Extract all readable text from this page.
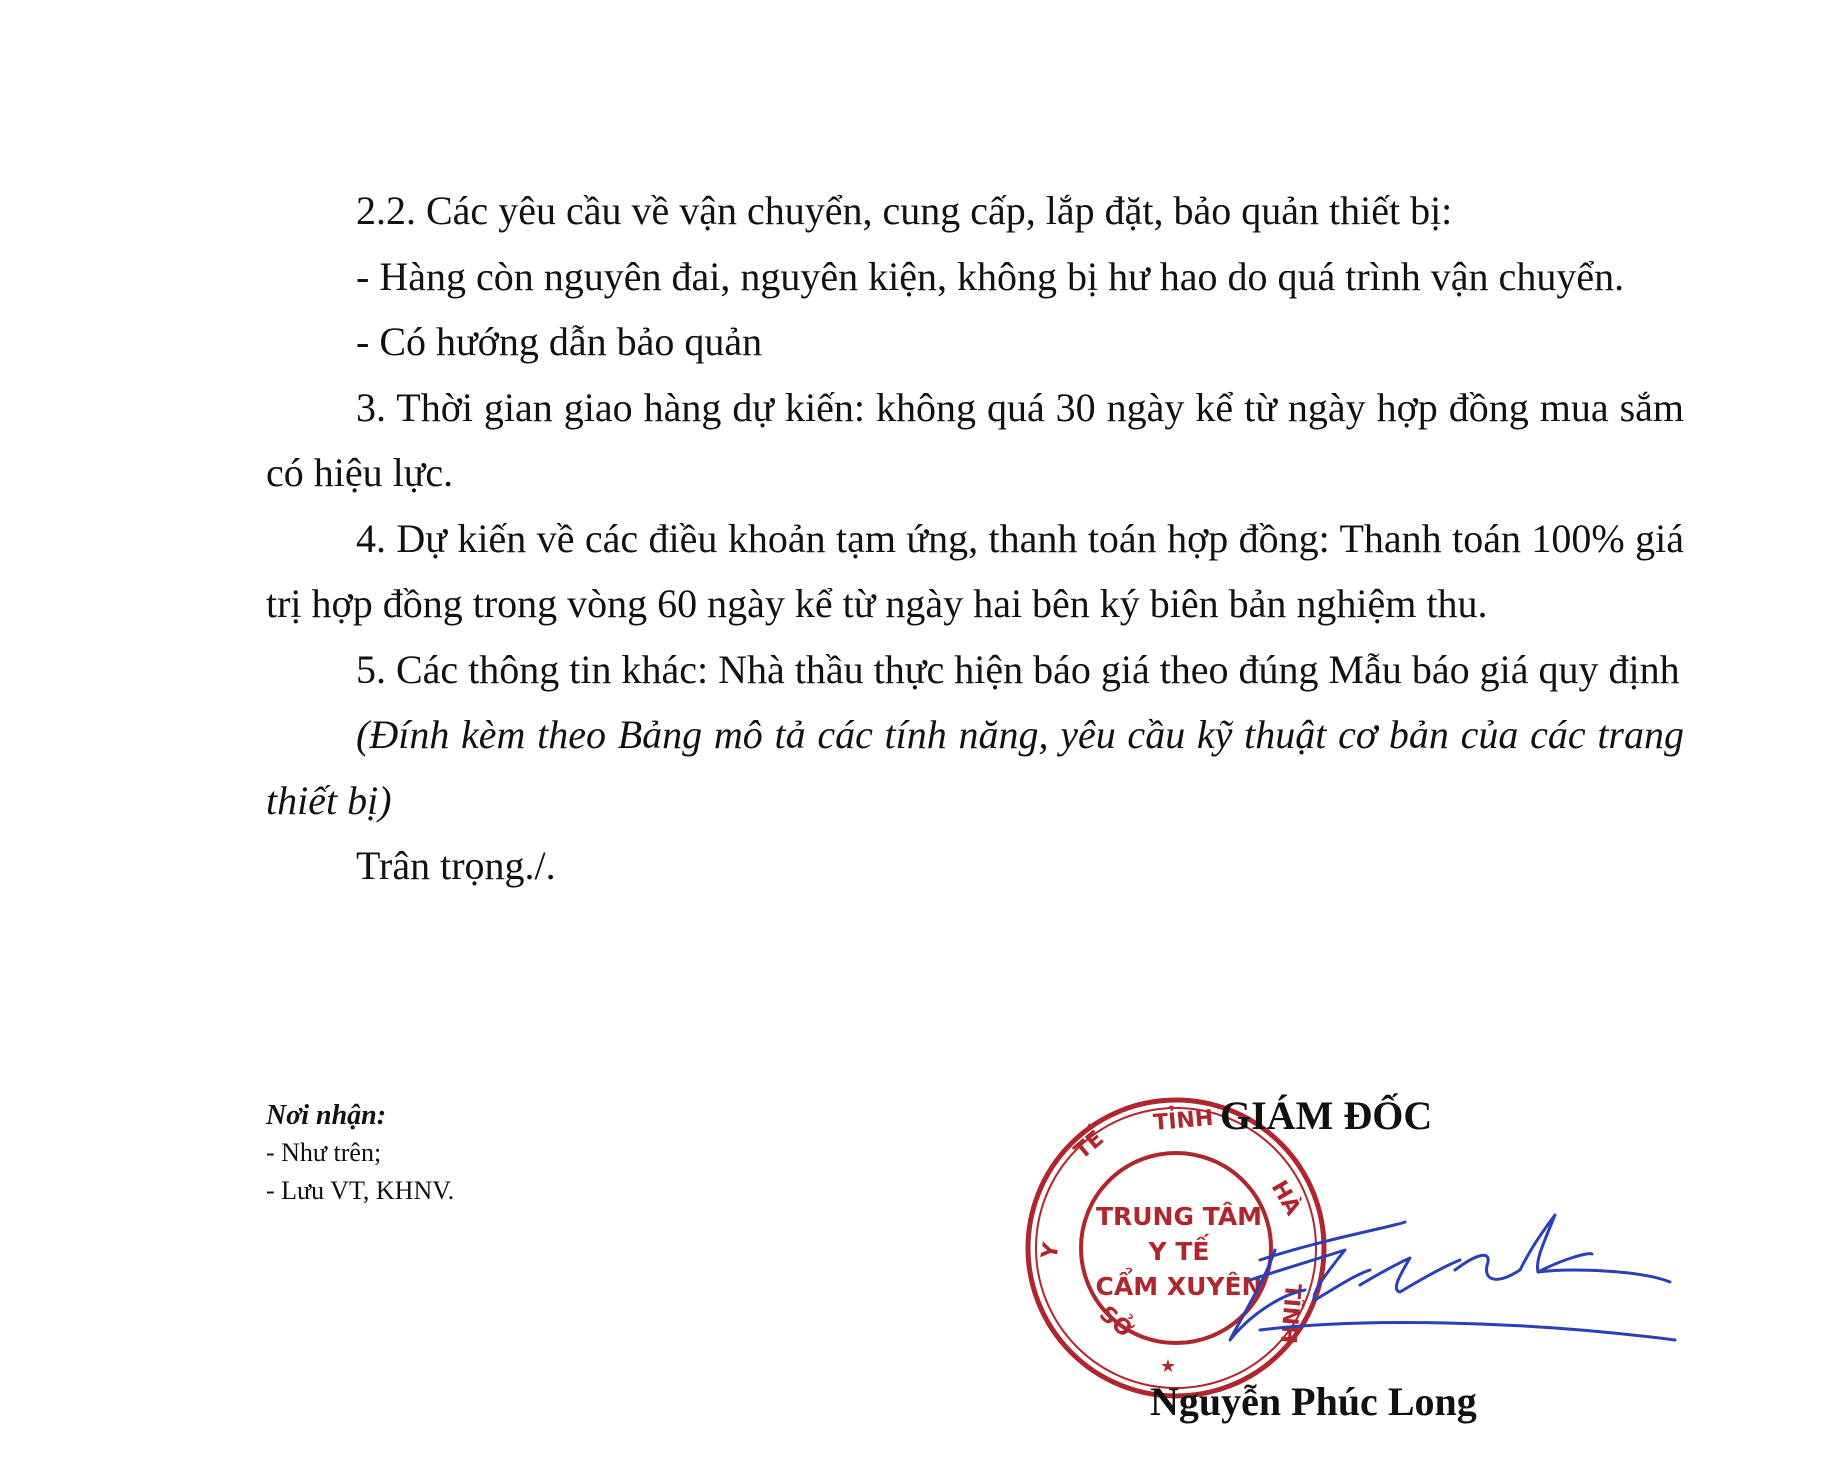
2.2. Các yêu cầu về vận chuyển, cung cấp, lắp đặt, bảo quản thiết bị:

- Hàng còn nguyên đai, nguyên kiện, không bị hư hao do quá trình vận chuyển.

- Có hướng dẫn bảo quản

3. Thời gian giao hàng dự kiến: không quá 30 ngày kể từ ngày hợp đồng mua sắm có hiệu lực.

4. Dự kiến về các điều khoản tạm ứng, thanh toán hợp đồng: Thanh toán 100% giá trị hợp đồng trong vòng 60 ngày kể từ ngày hai bên ký biên bản nghiệm thu.

5. Các thông tin khác: Nhà thầu thực hiện báo giá theo đúng Mẫu báo giá quy định

(Đính kèm theo Bảng mô tả các tính năng, yêu cầu kỹ thuật cơ bản của các trang thiết bị)

Trân trọng./.

Nơi nhận:
- Như trên;
- Lưu VT, KHNV.
TRUNG TÂM
Y TẾ
CẨM XUYÊN
★
SỞ
Y
TẾ
TỈNH
HÀ
TĨNH
GIÁM ĐỐC
Nguyễn Phúc Long
